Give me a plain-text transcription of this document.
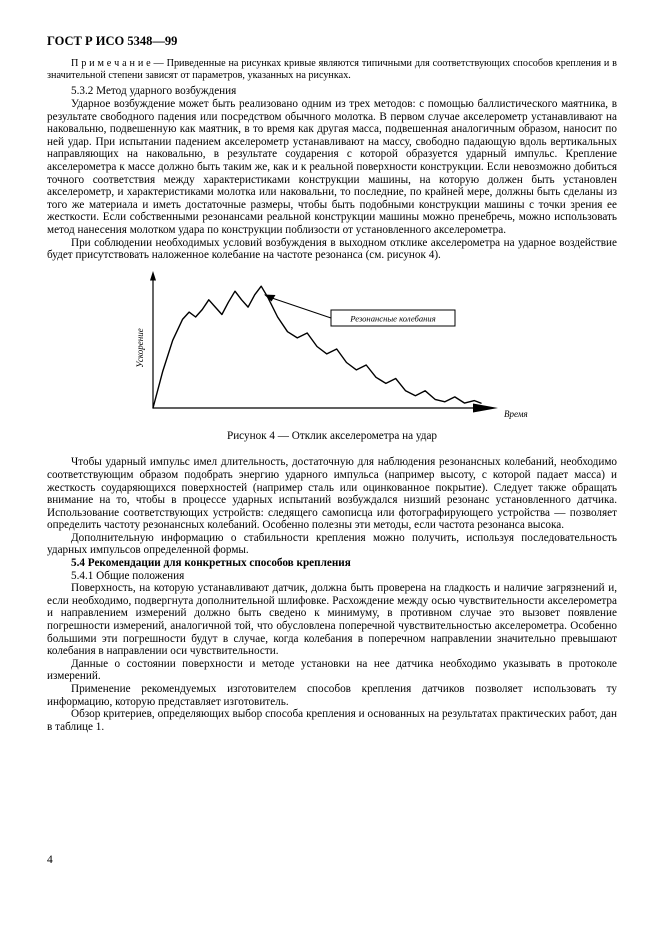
ГОСТ Р ИСО 5348—99

П р и м е ч а н и е — Приведенные на рисунках кривые являются типичными для соответствующих способов крепления и в значительной степени зависят от параметров, указанных на рисунках.

5.3.2 Метод ударного возбуждения

Ударное возбуждение может быть реализовано одним из трех методов: с помощью баллистического маятника, в результате свободного падения или посредством обычного молотка. В первом случае акселерометр устанавливают на наковальню, подвешенную как маятник, в то время как другая масса, подвешенная аналогичным образом, наносит по ней удар. При испытании падением акселерометр устанавливают на массу, свободно падающую вдоль вертикальных направляющих на наковальню, в результате соударения с которой образуется ударный импульс. Крепление акселерометра к массе должно быть таким же, как и к реальной поверхности конструкции. Если невозможно добиться точного соответствия между характеристиками конструкции машины, на которую должен быть установлен акселерометр, и характеристиками молотка или наковальни, то последние, по крайней мере, должны быть сделаны из того же материала и иметь достаточные размеры, чтобы быть подобными конструкции машины с точки зрения ее жесткости. Если собственными резонансами реальной конструкции машины можно пренебречь, можно использовать метод нанесения молотком удара по конструкции поблизости от установленного акселерометра.

При соблюдении необходимых условий возбуждения в выходном отклике акселерометра на ударное воздействие будет присутствовать наложенное колебание на частоте резонанса (см. рисунок 4).

Ускорение
Время
Резонансные колебания

Рисунок 4 — Отклик акселерометра на удар

Чтобы ударный импульс имел длительность, достаточную для наблюдения резонансных колебаний, необходимо соответствующим образом подобрать энергию ударного импульса (например высоту, с которой падает масса) и жесткость соударяющихся поверхностей (например сталь или оцинкованное покрытие). Следует также обращать внимание на то, чтобы в процессе ударных испытаний возбуждался низший резонанс установленного датчика. Использование соответствующих устройств: следящего самописца или фотографирующего устройства — позволяет определить частоту резонансных колебаний. Особенно полезны эти методы, если частота резонанса высока.

Дополнительную информацию о стабильности крепления можно получить, используя последовательность ударных импульсов определенной формы.

5.4 Рекомендации для конкретных способов крепления

5.4.1 Общие положения

Поверхность, на которую устанавливают датчик, должна быть проверена на гладкость и наличие загрязнений и, если необходимо, подвергнута дополнительной шлифовке. Расхождение между осью чувствительности акселерометра и направлением измерений должно быть сведено к минимуму, в противном случае это вызовет появление погрешности измерений, аналогичной той, что обусловлена поперечной чувствительностью акселерометра. Особенно большими эти погрешности будут в случае, когда колебания в поперечном направлении значительно превышают колебания в направлении оси чувствительности.

Данные о состоянии поверхности и методе установки на нее датчика необходимо указывать в протоколе измерений.

Применение рекомендуемых изготовителем способов крепления датчиков позволяет использовать ту информацию, которую представляет изготовитель.

Обзор критериев, определяющих выбор способа крепления и основанных на результатах практических работ, дан в таблице 1.

4
